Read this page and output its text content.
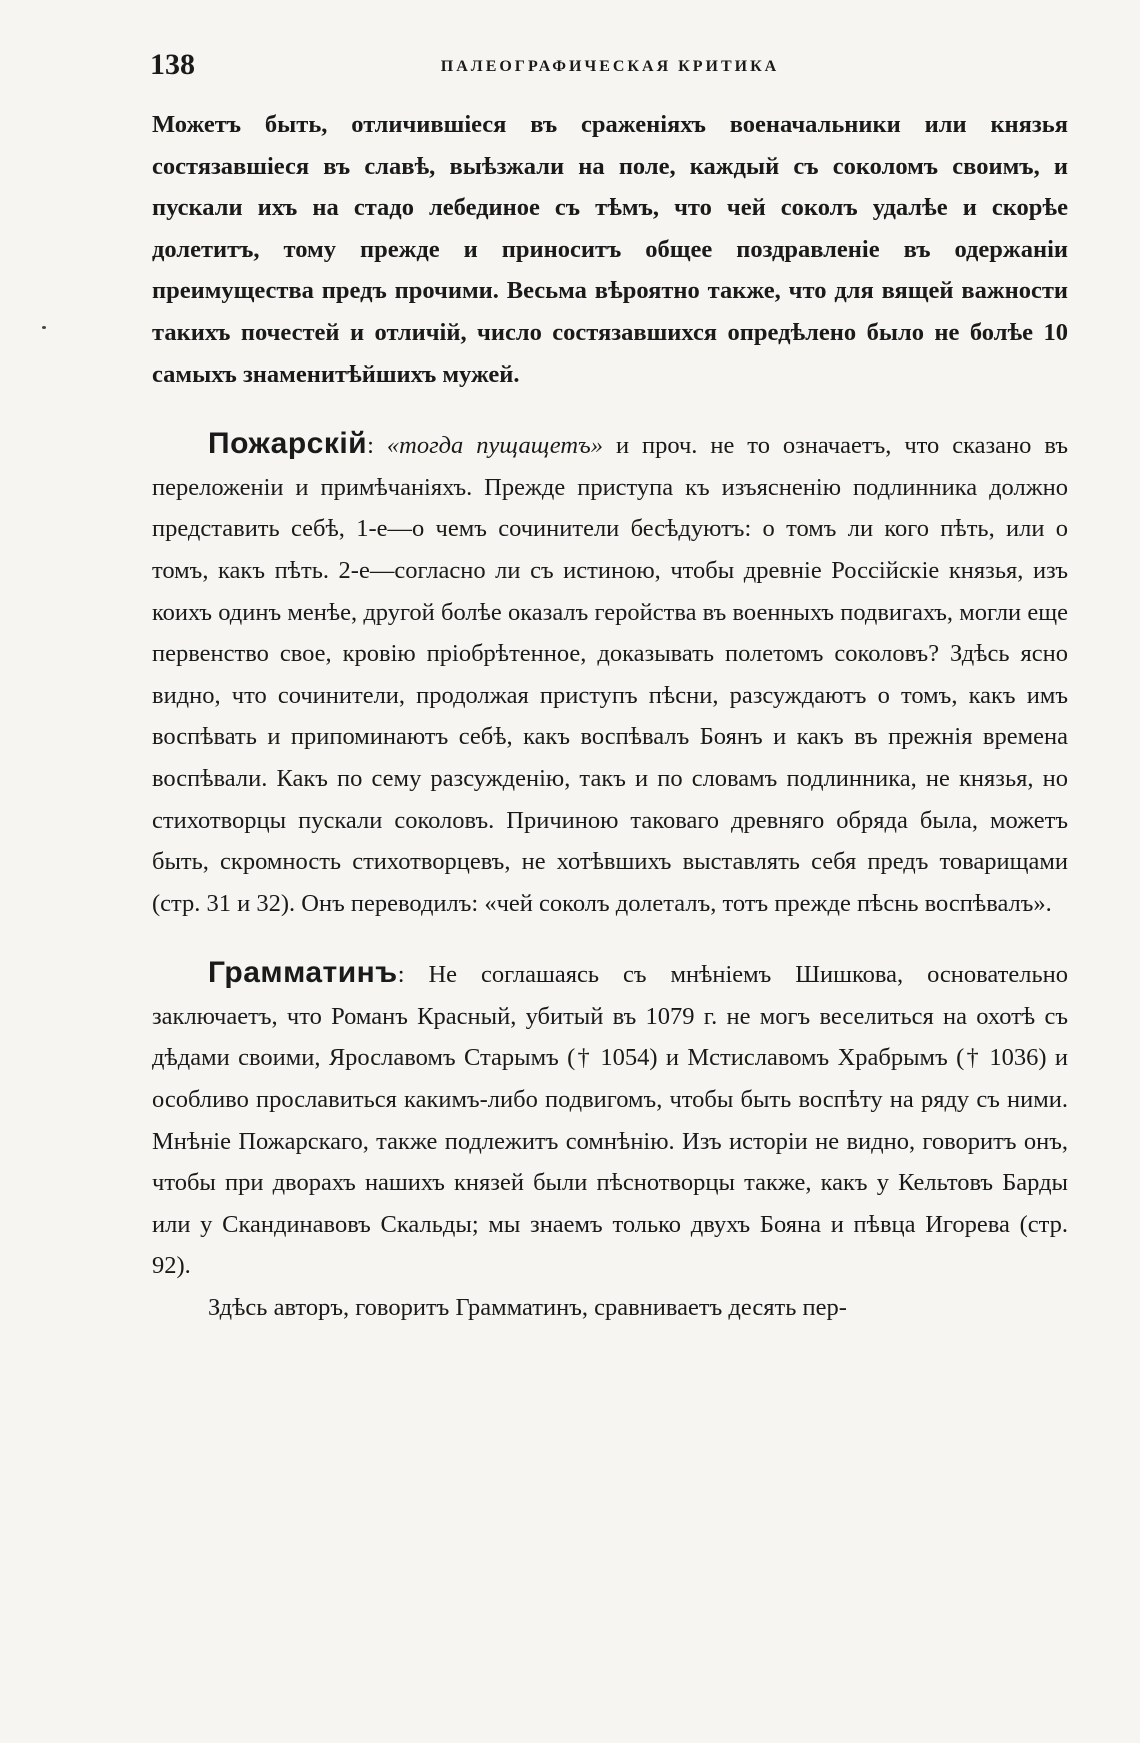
138	ПАЛЕОГРАФИЧЕСКАЯ КРИТИКА

Можетъ быть, отличившіеся въ сраженіяхъ военачальники или князья состязавшіеся въ славѣ, выѣзжали на поле, каждый съ соколомъ своимъ, и пускали ихъ на стадо лебединое съ тѣмъ, что чей соколъ удалѣе и скорѣе долетитъ, тому прежде и приноситъ общее поздравленіе въ одержаніи преимущества предъ прочими. Весьма вѣроятно также, что для вящей важности такихъ почестей и отличій, число состязавшихся опредѣлено было не болѣе 10 самыхъ знаменитѣйшихъ мужей.

Пожарскій: «тогда пущащетъ» и проч. не то означаетъ, что сказано въ переложеніи и примѣчаніяхъ. Прежде приступа къ изъясненію подлинника должно представить себѣ, 1-е—о чемъ сочинители бесѣдуютъ: о томъ ли кого пѣть, или о томъ, какъ пѣть. 2-е—согласно ли съ истиною, чтобы древніе Россійскіе князья, изъ коихъ одинъ менѣе, другой болѣе оказалъ геройства въ военныхъ подвигахъ, могли еще первенство свое, кровію пріобрѣтенное, доказывать полетомъ соколовъ? Здѣсь ясно видно, что сочинители, продолжая приступъ пѣсни, разсуждаютъ о томъ, какъ имъ воспѣвать и припоминаютъ себѣ, какъ воспѣвалъ Боянъ и какъ въ прежнія времена воспѣвали. Какъ по сему разсужденію, такъ и по словамъ подлинника, не князья, но стихотворцы пускали соколовъ. Причиною таковаго древняго обряда была, можетъ быть, скромность стихотворцевъ, не хотѣвшихъ выставлять себя предъ товарищами (стр. 31 и 32). Онъ переводилъ: «чей соколъ долеталъ, тотъ прежде пѣснь воспѣвалъ».

Грамматинъ: Не соглашаясь съ мнѣніемъ Шишкова, основательно заключаетъ, что Романъ Красный, убитый въ 1079 г. не могъ веселиться на охотѣ съ дѣдами своими, Ярославомъ Старымъ († 1054) и Мстиславомъ Храбрымъ († 1036) и особливо прославиться какимъ-либо подвигомъ, чтобы быть воспѣту на ряду съ ними. Мнѣніе Пожарскаго, также подлежитъ сомнѣнію. Изъ исторіи не видно, говоритъ онъ, чтобы при дворахъ нашихъ князей были пѣснотворцы также, какъ у Кельтовъ Барды или у Скандинавовъ Скальды; мы знаемъ только двухъ Бояна и пѣвца Игорева (стр. 92).

Здѣсь авторъ, говоритъ Грамматинъ, сравниваетъ десять пер-
